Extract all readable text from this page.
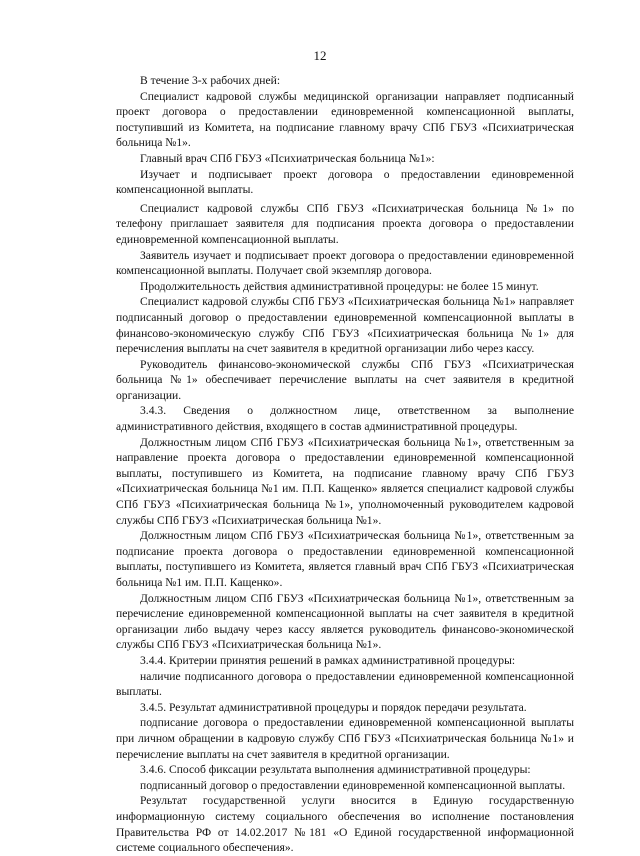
12

В течение 3-х рабочих дней:

Специалист кадровой службы медицинской организации направляет подписанный проект договора о предоставлении единовременной компенсационной выплаты, поступивший из Комитета, на подписание главному врачу СПб ГБУЗ «Психиатрическая больница №1».

Главный врач СПб ГБУЗ «Психиатрическая больница №1»:

Изучает и подписывает проект договора о предоставлении единовременной компенсационной выплаты.

Специалист кадровой службы СПб ГБУЗ «Психиатрическая больница №1» по телефону приглашает заявителя для подписания проекта договора о предоставлении единовременной компенсационной выплаты.

Заявитель изучает и подписывает проект договора о предоставлении единовременной компенсационной выплаты. Получает свой экземпляр договора.

Продолжительность действия административной процедуры: не более 15 минут.

Специалист кадровой службы СПб ГБУЗ «Психиатрическая больница №1» направляет подписанный договор о предоставлении единовременной компенсационной выплаты в финансово-экономическую службу СПб ГБУЗ «Психиатрическая больница №1» для перечисления выплаты на счет заявителя в кредитной организации либо через кассу.

Руководитель финансово-экономической службы СПб ГБУЗ «Психиатрическая больница №1» обеспечивает перечисление выплаты на счет заявителя в кредитной организации.

3.4.3. Сведения о должностном лице, ответственном за выполнение административного действия, входящего в состав административной процедуры.

Должностным лицом СПб ГБУЗ «Психиатрическая больница №1», ответственным за направление проекта договора о предоставлении единовременной компенсационной выплаты, поступившего из Комитета, на подписание главному врачу СПб ГБУЗ «Психиатрическая больница №1 им. П.П. Кащенко» является специалист кадровой службы СПб ГБУЗ «Психиатрическая больница №1», уполномоченный руководителем кадровой службы СПб ГБУЗ «Психиатрическая больница №1».

Должностным лицом СПб ГБУЗ «Психиатрическая больница №1», ответственным за подписание проекта договора о предоставлении единовременной компенсационной выплаты, поступившего из Комитета, является главный врач СПб ГБУЗ «Психиатрическая больница №1 им. П.П. Кащенко».

Должностным лицом СПб ГБУЗ «Психиатрическая больница №1», ответственным за перечисление единовременной компенсационной выплаты на счет заявителя в кредитной организации либо выдачу через кассу является руководитель финансово-экономической службы СПб ГБУЗ «Психиатрическая больница №1».

3.4.4. Критерии принятия решений в рамках административной процедуры:

наличие подписанного договора о предоставлении единовременной компенсационной выплаты.

3.4.5. Результат административной процедуры и порядок передачи результата.

подписание договора о предоставлении единовременной компенсационной выплаты при личном обращении в кадровую службу СПб ГБУЗ «Психиатрическая больница №1» и перечисление выплаты на счет заявителя в кредитной организации.

3.4.6. Способ фиксации результата выполнения административной процедуры:

подписанный договор о предоставлении единовременной компенсационной выплаты.

Результат государственной услуги вносится в Единую государственную информационную систему социального обеспечения во исполнение постановления Правительства РФ от 14.02.2017 №181 «О Единой государственной информационной системе социального обеспечения».
